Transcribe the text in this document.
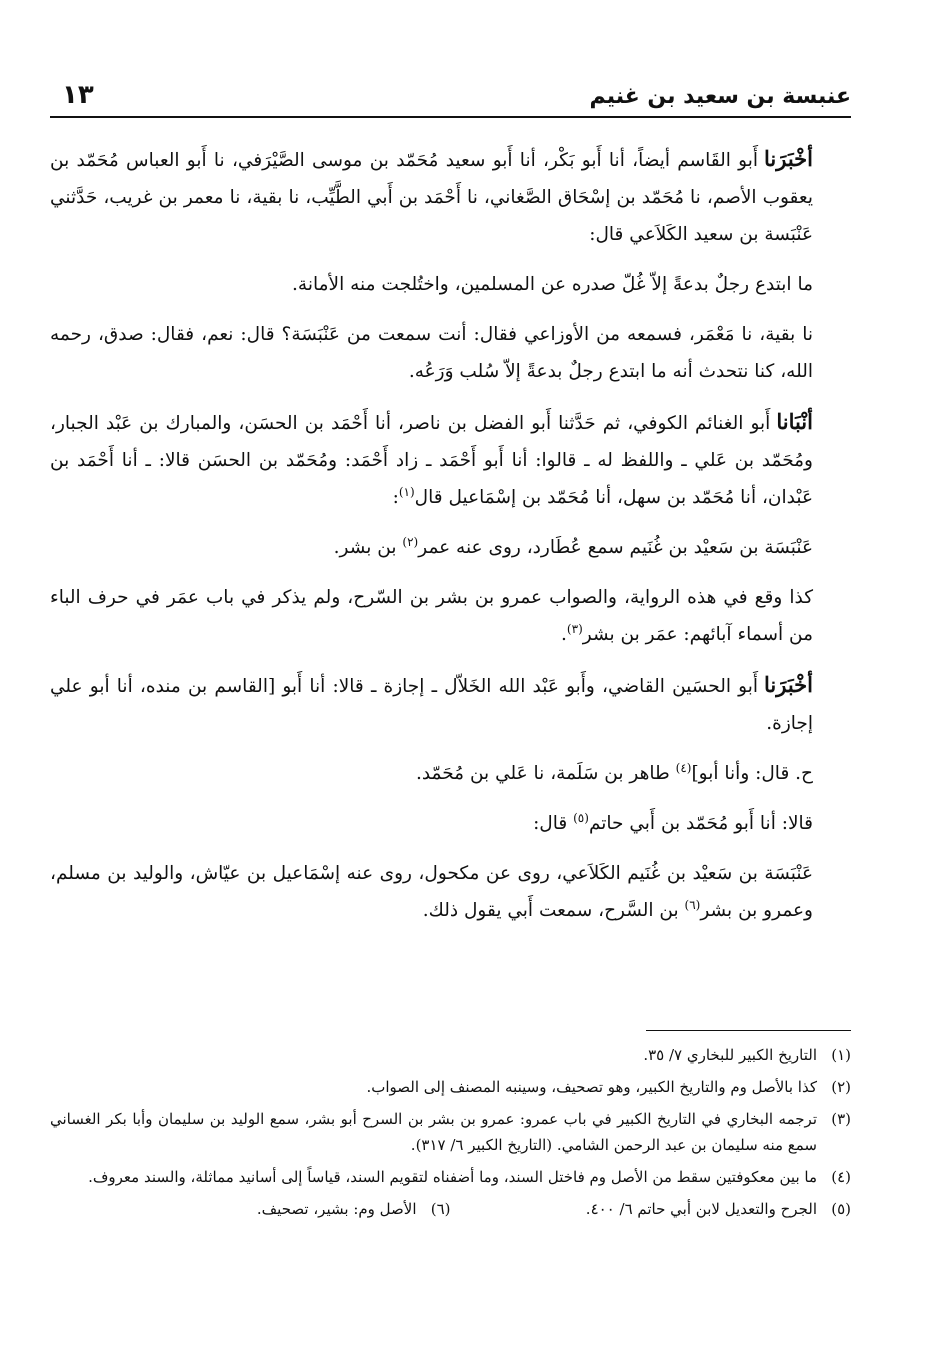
عنبسة بن سعيد بن غنيم
١٣

أخْبَرَناأَبو القَاسم أيضاً، أنا أَبو بَكْر، أنا أَبو سعيد مُحَمّد بن موسى الصَّيْرَفي، نا أَبو العباس مُحَمّد بن يعقوب الأصم، نا مُحَمّد بن إسْحَاق الصَّغاني، نا أَحْمَد بن أَبي الطَّيِّب، نا بقية، نا معمر بن غريب، حَدَّثني عَنْبَسة بن سعيد الكَلاَعي قال:

ما ابتدع رجلٌ بدعةً إلاّ غُلّ صدره عن المسلمين، واختُلجت منه الأمانة.

نا بقية، نا مَعْمَر، فسمعه من الأوزاعي فقال: أنت سمعت من عَنْبَسَة؟ قال: نعم، فقال: صدق، رحمه الله، كنا نتحدث أنه ما ابتدع رجلٌ بدعةً إلاّ سُلب وَرَعُه.

أنْبَاناأَبو الغنائم الكوفي، ثم حَدَّثنا أَبو الفضل بن ناصر، أنا أَحْمَد بن الحسَن، والمبارك بن عَبْد الجبار، ومُحَمّد بن عَلي ـ واللفظ له ـ قالوا: أنا أَبو أَحْمَد ـ زاد أَحْمَد: ومُحَمّد بن الحسَن قالا: ـ أنا أَحْمَد بن عَبْدان، أنا مُحَمّد بن سهل، أنا مُحَمّد بن إسْمَاعيل قال$^{(١)}$:

عَنْبَسَة بن سَعيْد بن غُنَيم سمع عُطَارد، روى عنه عمر$^{(٢)}$ بن بشر.

كذا وقع في هذه الرواية، والصواب عمرو بن بشر بن السّرح، ولم يذكر في باب عمَر في حرف الباء من أسماء آبائهم: عمَر بن بشر$^{(٣)}$.

أخْبَرَناأَبو الحسَين القاضي، وأَبو عَبْد الله الخَلاّل ـ إجازة ـ قالا: أنا أَبو [القاسم بن منده، أنا أبو علي إجازة.

ح. قال: وأنا أبو]$^{(٤)}$ طاهر بن سَلَمة، نا عَلي بن مُحَمّد.

قالا: أنا أَبو مُحَمّد بن أَبي حاتم$^{(٥)}$ قال:

عَنْبَسَة بن سَعيْد بن غُنَيم الكَلاَعي، روى عن مكحول، روى عنه إسْمَاعيل بن عيّاش، والوليد بن مسلم، وعمرو بن بشر$^{(٦)}$ بن السَّرح، سمعت أَبي يقول ذلك.

(١)
التاريخ الكبير للبخاري ٧/ ٣٥.
(٢)
كذا بالأصل وم والتاريخ الكبير، وهو تصحيف، وسينبه المصنف إلى الصواب.
(٣)
ترجمه البخاري في التاريخ الكبير في باب عمرو: عمرو بن بشر بن السرح أبو بشر، سمع الوليد بن سليمان وأبا بكر الغساني سمع منه سليمان بن عبد الرحمن الشامي. (التاريخ الكبير ٦/ ٣١٧).
(٤)
ما بين معكوفتين سقط من الأصل وم فاختل السند، وما أضفناه لتقويم السند، قياساً إلى أسانيد مماثلة، والسند معروف.
(٥)
الجرح والتعديل لابن أبي حاتم ٦/ ٤٠٠.
(٦)
الأصل وم: بشير، تصحيف.
